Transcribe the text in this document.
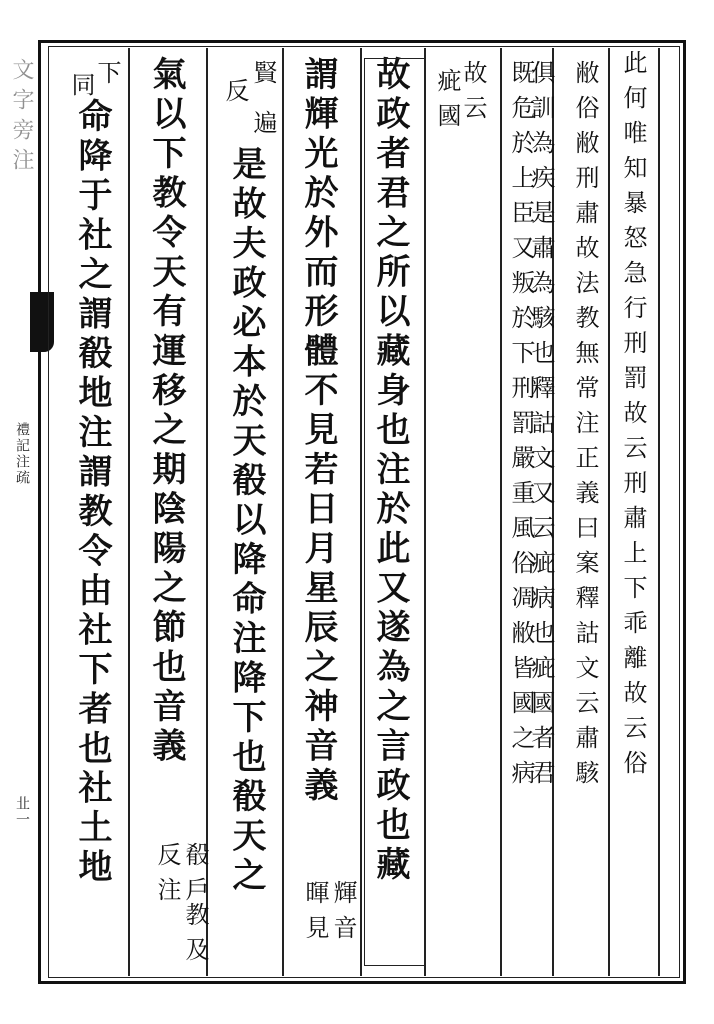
文字旁注
禮記注疏
㐀一
此何唯知暴怒急行刑罰故云刑肅上下乖離故云俗
敝俗敝刑肅故法教無常注正義曰案釋詁文云肅駭
俱訓為疾是肅為駭也釋詁文又云疵病也疵國者君
既危於上臣又叛於下刑罰嚴重風俗凋敝皆國之病
故云
疵國
故政者君之所以藏身也注於此又遂為之言政也藏
謂輝光於外而形體不見若日月星辰之神音義
輝音
暉見
賢
反
遍
是故夫政必本於天殽以降命注降下也殽天之
氣以下教令天有運移之期陰陽之節也音義
殽戶
反注
教及
下
同
命降于社之謂殽地注謂教令由社下者也社土地
